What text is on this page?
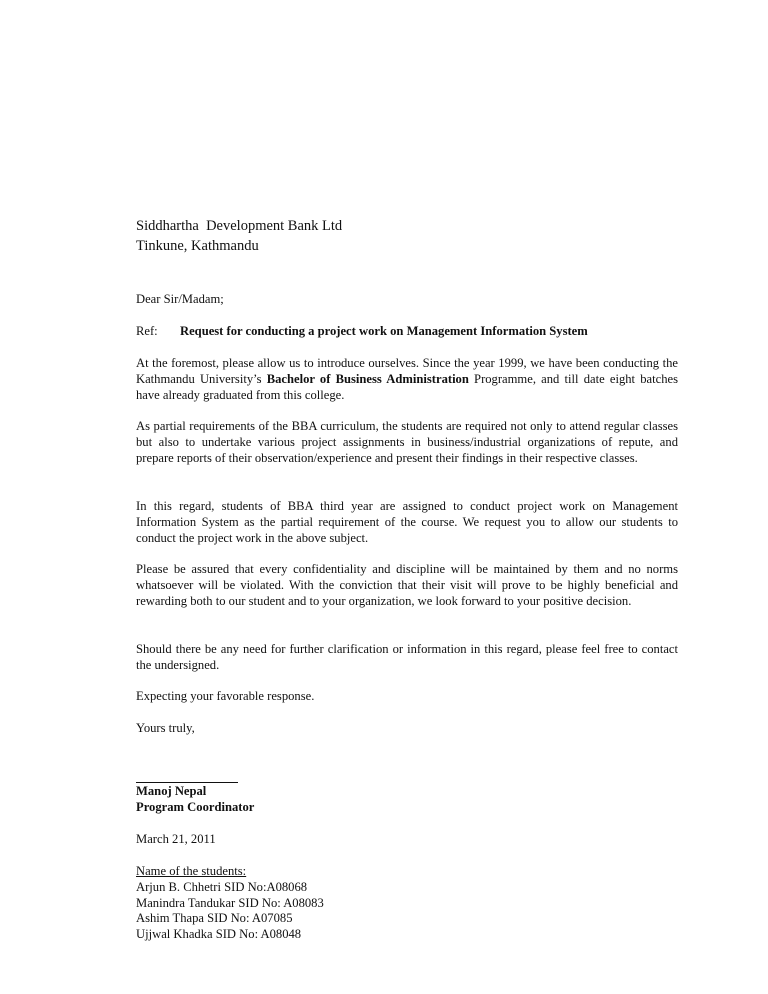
Siddhartha  Development Bank Ltd
Tinkune, Kathmandu
Dear Sir/Madam;
Ref: Request for conducting a project work on Management Information System
At the foremost, please allow us to introduce ourselves. Since the year 1999, we have been conducting the Kathmandu University’s Bachelor of Business Administration Programme, and till date eight batches have already graduated from this college.
As partial requirements of the BBA curriculum, the students are required not only to attend regular classes but also to undertake various project assignments in business/industrial organizations of repute, and prepare reports of their observation/experience and present their findings in their respective classes.
In this regard, students of BBA third year are assigned to conduct project work on Management Information System as the partial requirement of the course. We request you to allow our students to conduct the project work in the above subject.
Please be assured that every confidentiality and discipline will be maintained by them and no norms whatsoever will be violated. With the conviction that their visit will prove to be highly beneficial and rewarding both to our student and to your organization, we look forward to your positive decision.
Should there be any need for further clarification or information in this regard, please feel free to contact the undersigned.
Expecting your favorable response.
Yours truly,
Manoj Nepal
Program Coordinator
March 21, 2011
Name of the students:
Arjun B. Chhetri SID No:A08068
Manindra Tandukar SID No: A08083
Ashim Thapa SID No: A07085
Ujjwal Khadka SID No: A08048
